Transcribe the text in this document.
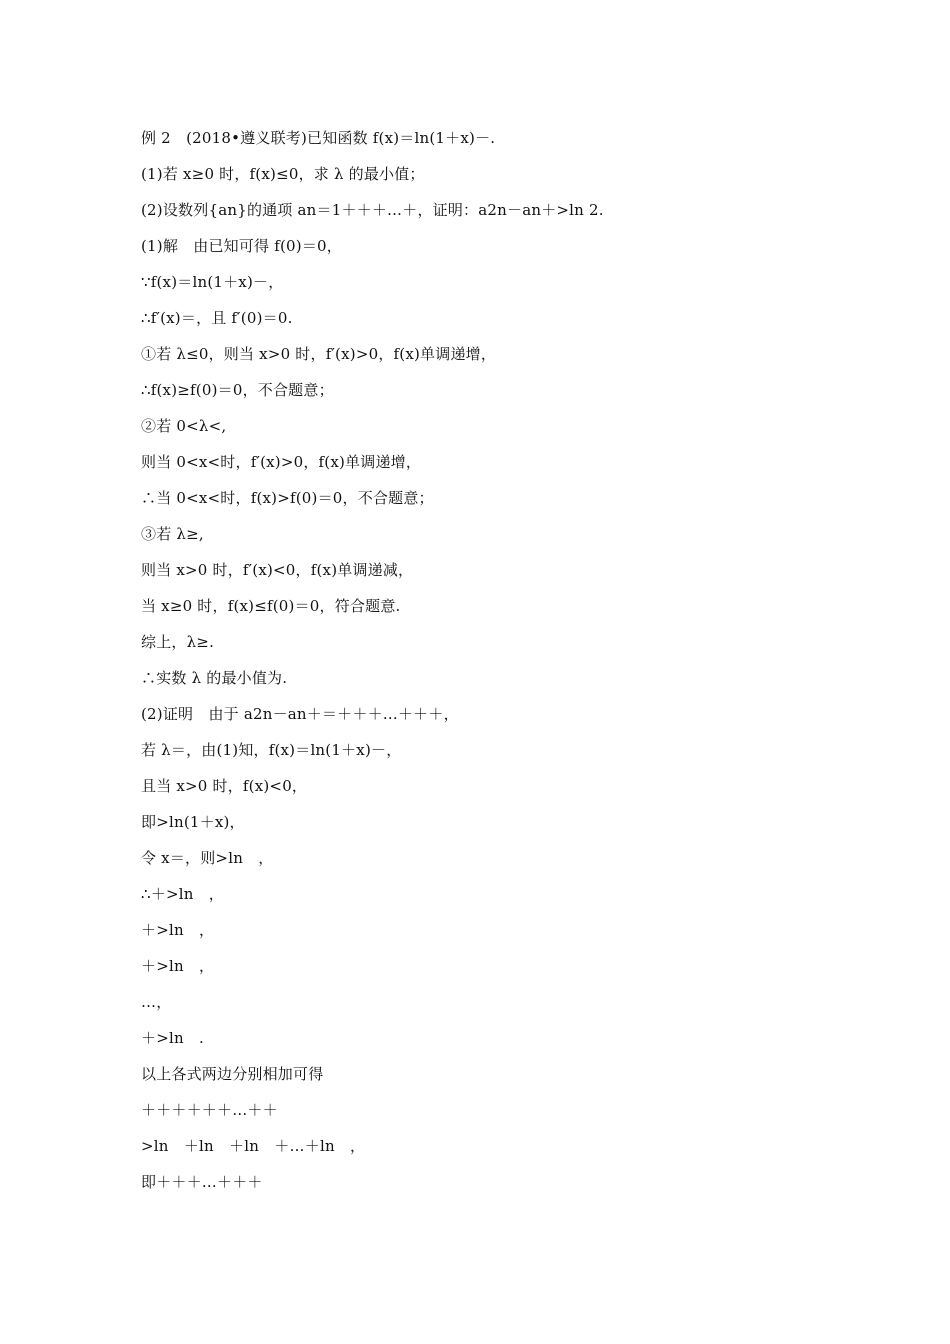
例 2　(2018•遵义联考)已知函数 f(x)＝ln(1＋x)－.
(1)若 x≥0 时，f(x)≤0，求 λ 的最小值；
(2)设数列{an}的通项 an＝1＋＋＋…＋，证明：a2n－an＋>ln 2.
(1)解　由已知可得 f(0)＝0，
∵f(x)＝ln(1＋x)－，
∴f′(x)＝，且 f′(0)＝0.
①若 λ≤0，则当 x>0 时，f′(x)>0，f(x)单调递增，
∴f(x)≥f(0)＝0，不合题意；
②若 0<λ<,
则当 0<x<时，f′(x)>0，f(x)单调递增，
∴当 0<x<时，f(x)>f(0)＝0，不合题意；
③若 λ≥,
则当 x>0 时，f′(x)<0，f(x)单调递减，
当 x≥0 时，f(x)≤f(0)＝0，符合题意.
综上，λ≥.
∴实数 λ 的最小值为.
(2)证明　由于 a2n－an＋＝＋＋＋…＋＋＋，
若 λ＝，由(1)知，f(x)＝ln(1＋x)－，
且当 x>0 时，f(x)<0，
即>ln(1＋x)，
令 x＝，则>ln　，
∴＋>ln　，
＋>ln　，
＋>ln　，
…，
＋>ln　.
以上各式两边分别相加可得
＋＋＋＋＋＋…＋＋
>ln　＋ln　＋ln　＋…＋ln　，
即＋＋＋…＋＋＋
